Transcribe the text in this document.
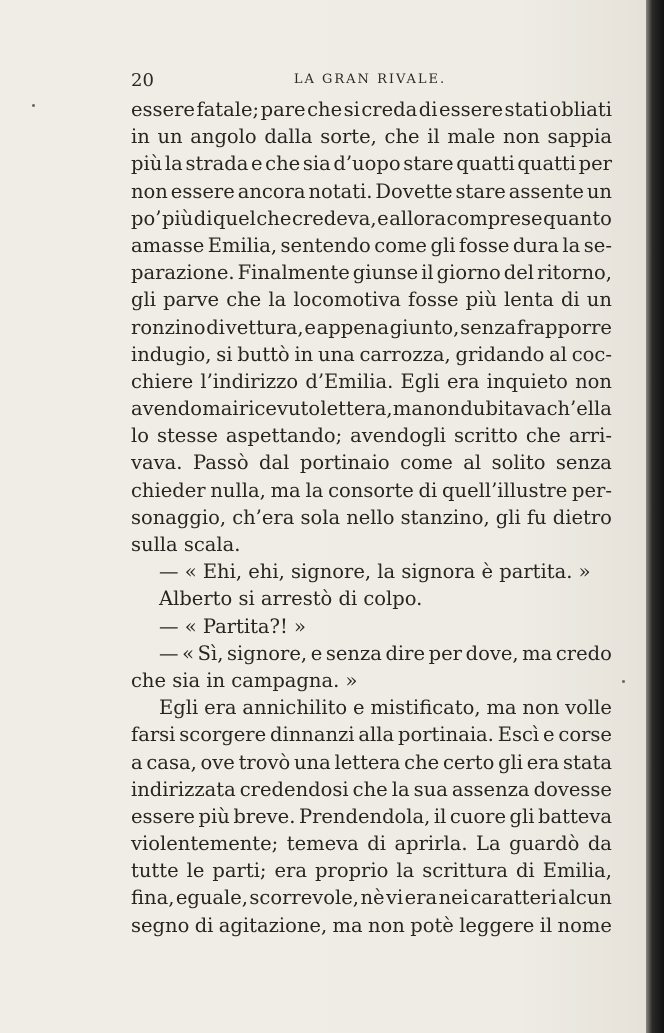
20	LA GRAN RIVALE.
essere fatale; pare che si creda di essere stati obliati
in un angolo dalla sorte, che il male non sappia
più la strada e che sia d’uopo stare quatti quatti per
non essere ancora notati. Dovette stare assente un
po’ più di quel che credeva, e allora comprese quanto
amasse Emilia, sentendo come gli fosse dura la se-
parazione. Finalmente giunse il giorno del ritorno,
gli parve che la locomotiva fosse più lenta di un
ronzino di vettura, e appena giunto, senza frapporre
indugio, si buttò in una carrozza, gridando al coc-
chiere l’indirizzo d’Emilia. Egli era inquieto non
avendo mai ricevuto lettera, ma non dubitava ch’ella
lo stesse aspettando; avendogli scritto che arri-
vava. Passò dal portinaio come al solito senza
chieder nulla, ma la consorte di quell’illustre per-
sonaggio, ch’era sola nello stanzino, gli fu dietro
sulla scala.
— « Ehi, ehi, signore, la signora è partita. »
Alberto si arrestò di colpo.
— « Partita?! »
— « Sì, signore, e senza dire per dove, ma credo
che sia in campagna. »
Egli era annichilito e mistificato, ma non volle
farsi scorgere dinnanzi alla portinaia. Escì e corse
a casa, ove trovò una lettera che certo gli era stata
indirizzata credendosi che la sua assenza dovesse
essere più breve. Prendendola, il cuore gli batteva
violentemente; temeva di aprirla. La guardò da
tutte le parti; era proprio la scrittura di Emilia,
fina, eguale, scorrevole, nè vi era nei caratteri alcun
segno di agitazione, ma non potè leggere il nome
